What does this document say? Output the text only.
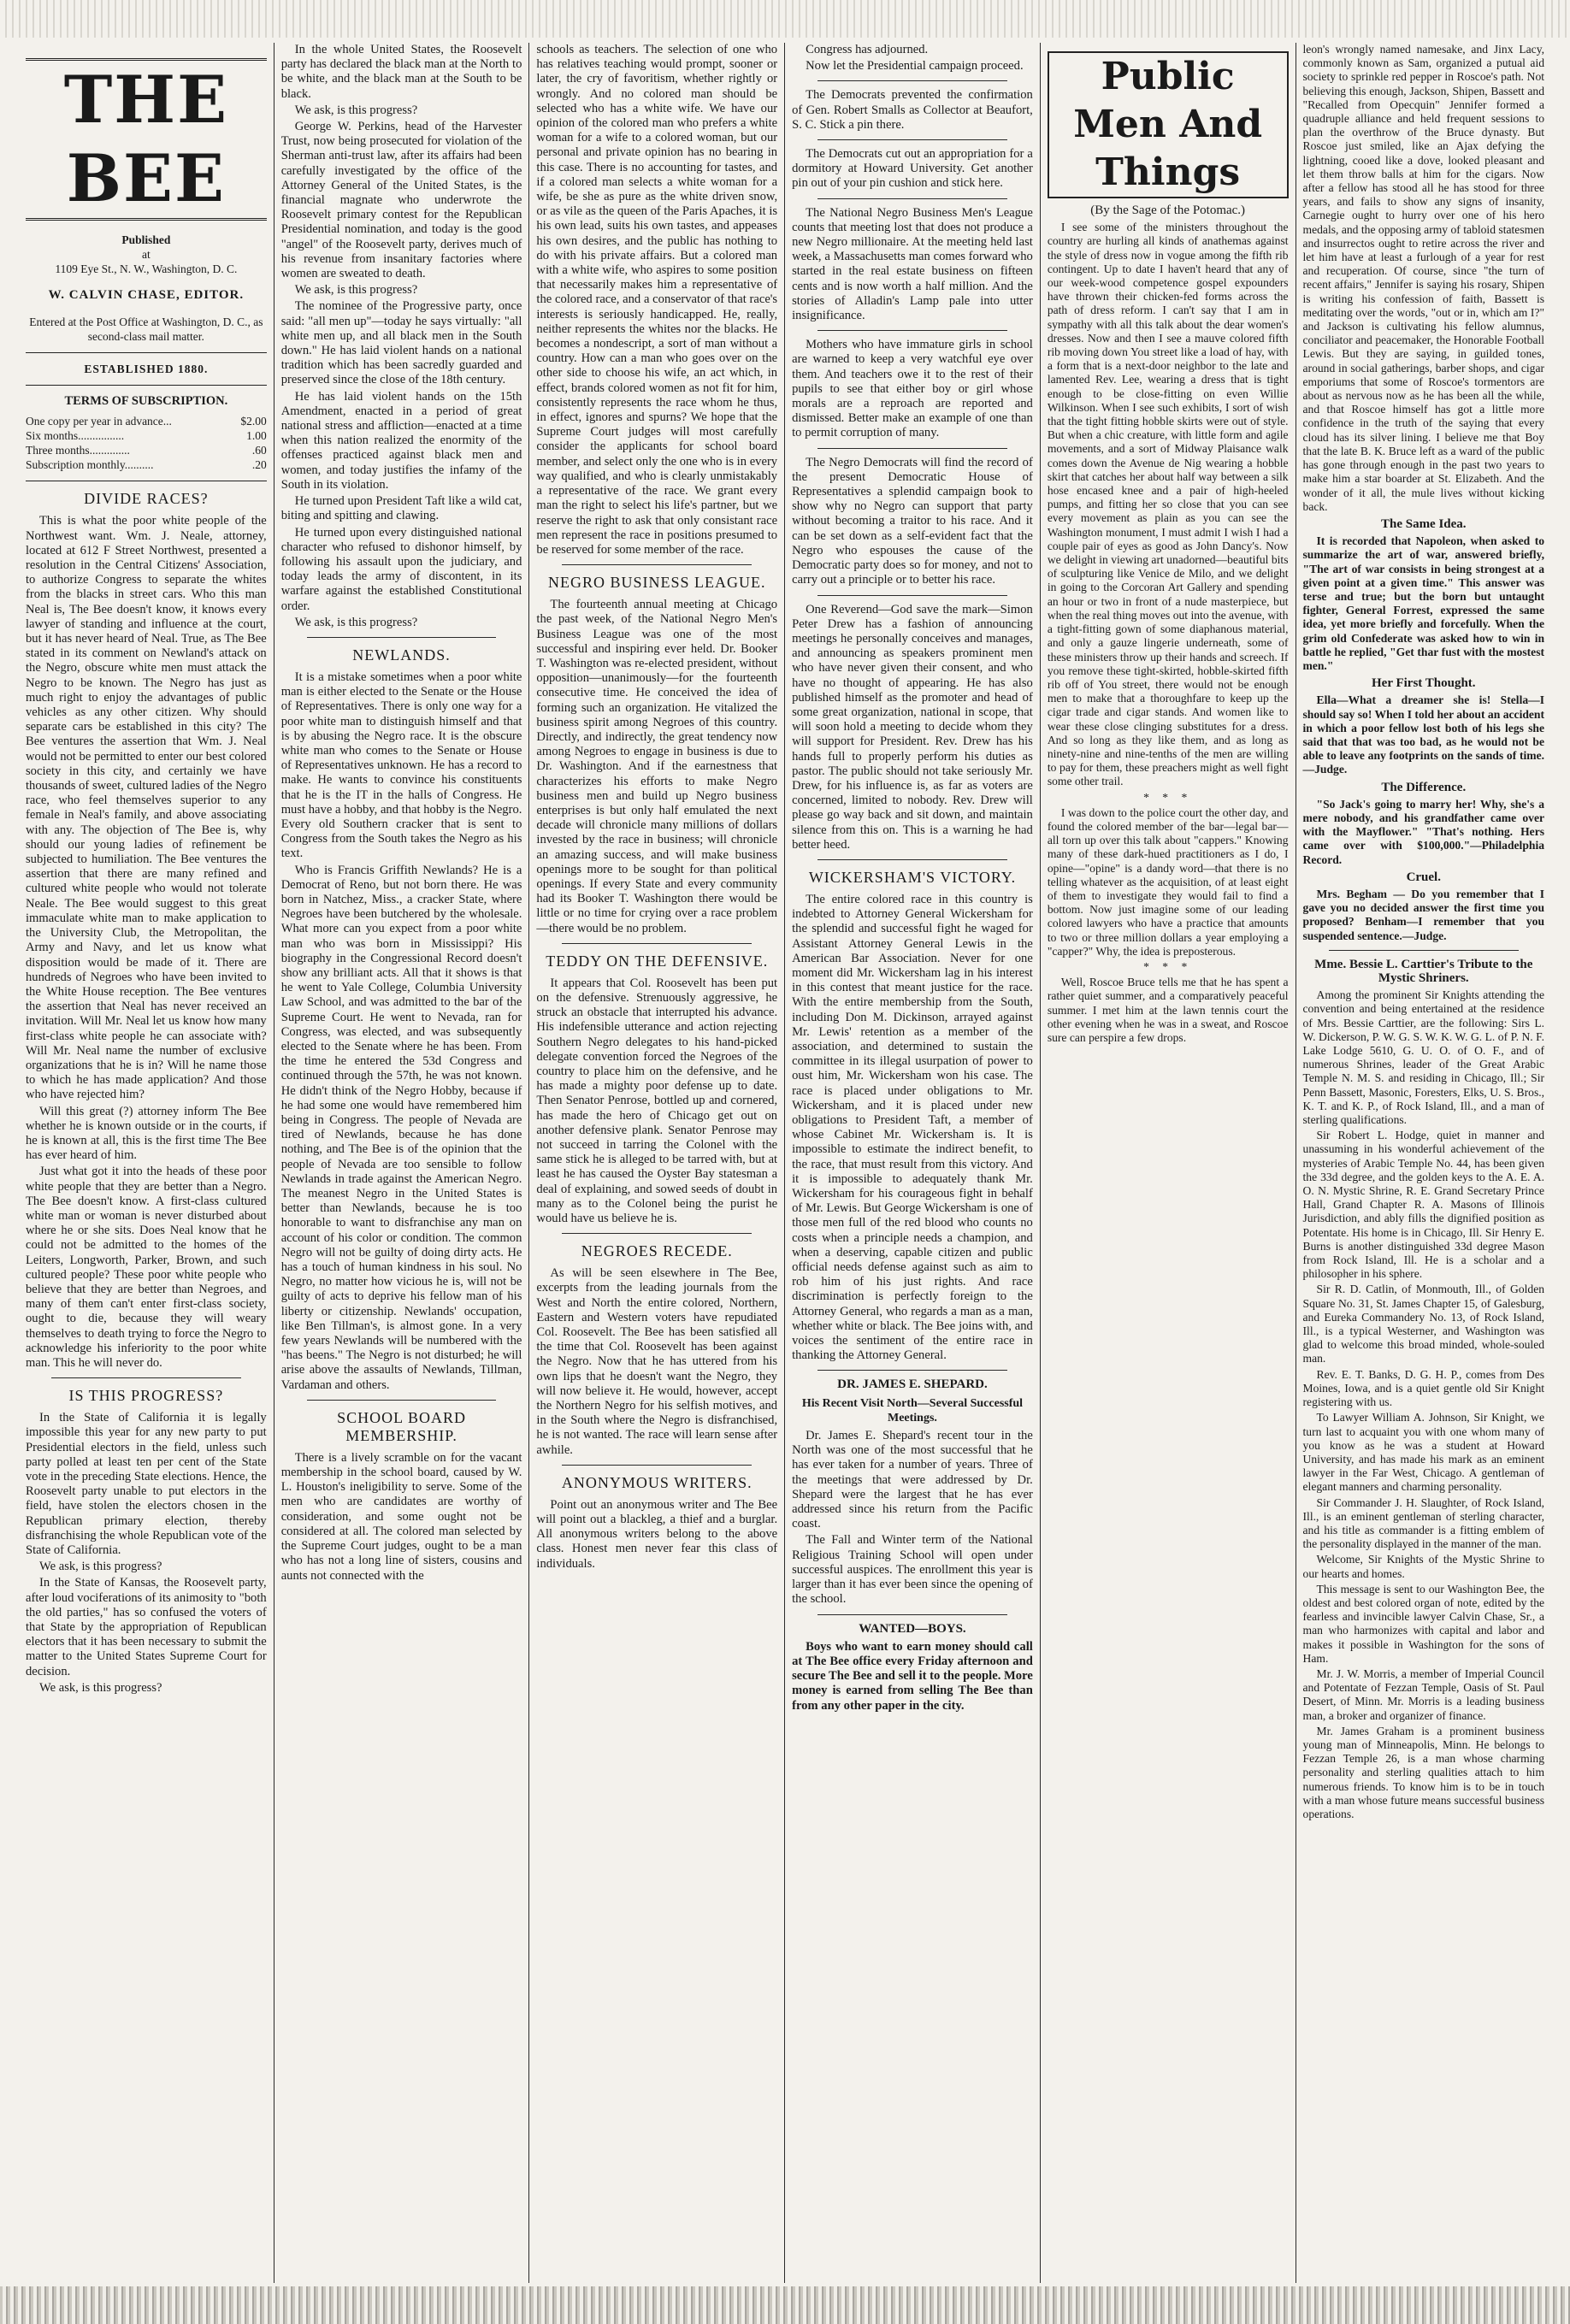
THE BEE
Published
at
1109 Eye St., N. W., Washington, D. C.
W. CALVIN CHASE, EDITOR.
Entered at the Post Office at Washington, D. C., as second-class mail matter.
ESTABLISHED 1880.
TERMS OF SUBSCRIPTION.
One copy per year in advance...	$2.00
Six months................	1.00
Three months..............	.60
Subscription monthly..........	.20
DIVIDE RACES?

This is what the poor white people of the Northwest want. Wm. J. Neale, attorney, located at 612 F Street Northwest, presented a resolution in the Central Citizens' Association, to authorize Congress to separate the whites from the blacks in street cars. Who this man Neal is, The Bee doesn't know, it knows every lawyer of standing and influence at the court, but it has never heard of Neal. True, as The Bee stated in its comment on Newland's attack on the Negro, obscure white men must attack the Negro to be known. The Negro has just as much right to enjoy the advantages of public vehicles as any other citizen. Why should separate cars be established in this city? The Bee ventures the assertion that Wm. J. Neal would not be permitted to enter our best colored society in this city, and certainly we have thousands of sweet, cultured ladies of the Negro race, who feel themselves superior to any female in Neal's family, and above associating with any. The objection of The Bee is, why should our young ladies of refinement be subjected to humiliation. The Bee ventures the assertion that there are many refined and cultured white people who would not tolerate Neale. The Bee would suggest to this great immaculate white man to make application to the University Club, the Metropolitan, the Army and Navy, and let us know what disposition would be made of it. There are hundreds of Negroes who have been invited to the White House reception. The Bee ventures the assertion that Neal has never received an invitation. Will Mr. Neal let us know how many first-class white people he can associate with? Will Mr. Neal name the number of exclusive organizations that he is in? Will he name those to which he has made application? And those who have rejected him?

Will this great (?) attorney inform The Bee whether he is known outside or in the courts, if he is known at all, this is the first time The Bee has ever heard of him.

Just what got it into the heads of these poor white people that they are better than a Negro. The Bee doesn't know. A first-class cultured white man or woman is never disturbed about where he or she sits. Does Neal know that he could not be admitted to the homes of the Leiters, Longworth, Parker, Brown, and such cultured people? These poor white people who believe that they are better than Negroes, and many of them can't enter first-class society, ought to die, because they will weary themselves to death trying to force the Negro to acknowledge his inferiority to the poor white man. This he will never do.

IS THIS PROGRESS?

In the State of California it is legally impossible this year for any new party to put Presidential electors in the field, unless such party polled at least ten per cent of the State vote in the preceding State elections. Hence, the Roosevelt party unable to put electors in the field, have stolen the electors chosen in the Republican primary election, thereby disfranchising the whole Republican vote of the State of California.

We ask, is this progress?

In the State of Kansas, the Roosevelt party, after loud vociferations of its animosity to "both the old parties," has so confused the voters of that State by the appropriation of Republican electors that it has been necessary to submit the matter to the United States Supreme Court for decision.

We ask, is this progress?

In the whole United States, the Roosevelt party has declared the black man at the North to be white, and the black man at the South to be black.

We ask, is this progress?

George W. Perkins, head of the Harvester Trust, now being prosecuted for violation of the Sherman anti-trust law, after its affairs had been carefully investigated by the office of the Attorney General of the United States, is the financial magnate who underwrote the Roosevelt primary contest for the Republican Presidential nomination, and today is the good "angel" of the Roosevelt party, derives much of his revenue from insanitary factories where women are sweated to death.

We ask, is this progress?

The nominee of the Progressive party, once said: "all men up"—today he says virtually: "all white men up, and all black men in the South down." He has laid violent hands on a national tradition which has been sacredly guarded and preserved since the close of the 18th century.

He has laid violent hands on the 15th Amendment, enacted in a period of great national stress and affliction—enacted at a time when this nation realized the enormity of the offenses practiced against black men and women, and today justifies the infamy of the South in its violation.

He turned upon President Taft like a wild cat, biting and spitting and clawing.

He turned upon every distinguished national character who refused to dishonor himself, by following his assault upon the judiciary, and today leads the army of discontent, in its warfare against the established Constitutional order.

We ask, is this progress?

NEWLANDS.

It is a mistake sometimes when a poor white man is either elected to the Senate or the House of Representatives. There is only one way for a poor white man to distinguish himself and that is by abusing the Negro race. It is the obscure white man who comes to the Senate or House of Representatives unknown. He has a record to make. He wants to convince his constituents that he is the IT in the halls of Congress. He must have a hobby, and that hobby is the Negro. Every old Southern cracker that is sent to Congress from the South takes the Negro as his text.

Who is Francis Griffith Newlands? He is a Democrat of Reno, but not born there. He was born in Natchez, Miss., a cracker State, where Negroes have been butchered by the wholesale. What more can you expect from a poor white man who was born in Mississippi? His biography in the Congressional Record doesn't show any brilliant acts. All that it shows is that he went to Yale College, Columbia University Law School, and was admitted to the bar of the Supreme Court. He went to Nevada, ran for Congress, was elected, and was subsequently elected to the Senate where he has been. From the time he entered the 53d Congress and continued through the 57th, he was not known. He didn't think of the Negro Hobby, because if he had some one would have remembered him being in Congress. The people of Nevada are tired of Newlands, because he has done nothing, and The Bee is of the opinion that the people of Nevada are too sensible to follow Newlands in trade against the American Negro. The meanest Negro in the United States is better than Newlands, because he is too honorable to want to disfranchise any man on account of his color or condition. The common Negro will not be guilty of doing dirty acts. He has a touch of human kindness in his soul. No Negro, no matter how vicious he is, will not be guilty of acts to deprive his fellow man of his liberty or citizenship. Newlands' occupation, like Ben Tillman's, is almost gone. In a very few years Newlands will be numbered with the "has beens." The Negro is not disturbed; he will arise above the assaults of Newlands, Tillman, Vardaman and others.

SCHOOL BOARD MEMBERSHIP.

There is a lively scramble on for the vacant membership in the school board, caused by W. L. Houston's ineligibility to serve. Some of the men who are candidates are worthy of consideration, and some ought not be considered at all. The colored man selected by the Supreme Court judges, ought to be a man who has not a long line of sisters, cousins and aunts not connected with the

schools as teachers. The selection of one who has relatives teaching would prompt, sooner or later, the cry of favoritism, whether rightly or wrongly. And no colored man should be selected who has a white wife. We have our opinion of the colored man who prefers a white woman for a wife to a colored woman, but our personal and private opinion has no bearing in this case. There is no accounting for tastes, and if a colored man selects a white woman for a wife, be she as pure as the white driven snow, or as vile as the queen of the Paris Apaches, it is his own lead, suits his own tastes, and appeases his own desires, and the public has nothing to do with his private affairs. But a colored man with a white wife, who aspires to some position that necessarily makes him a representative of the colored race, and a conservator of that race's interests is seriously handicapped. He, really, neither represents the whites nor the blacks. He becomes a nondescript, a sort of man without a country. How can a man who goes over on the other side to choose his wife, an act which, in effect, brands colored women as not fit for him, consistently represents the race whom he thus, in effect, ignores and spurns? We hope that the Supreme Court judges will most carefully consider the applicants for school board member, and select only the one who is in every way qualified, and who is clearly unmistakably a representative of the race. We grant every man the right to select his life's partner, but we reserve the right to ask that only consistant race men represent the race in positions presumed to be reserved for some member of the race.

NEGRO BUSINESS LEAGUE.

The fourteenth annual meeting at Chicago the past week, of the National Negro Men's Business League was one of the most successful and inspiring ever held. Dr. Booker T. Washington was re-elected president, without opposition—unanimously—for the fourteenth consecutive time. He conceived the idea of forming such an organization. He vitalized the business spirit among Negroes of this country. Directly, and indirectly, the great tendency now among Negroes to engage in business is due to Dr. Washington. And if the earnestness that characterizes his efforts to make Negro business men and build up Negro business enterprises is but only half emulated the next decade will chronicle many millions of dollars invested by the race in business; will chronicle an amazing success, and will make business openings more to be sought for than political openings. If every State and every community had its Booker T. Washington there would be little or no time for crying over a race problem—there would be no problem.

TEDDY ON THE DEFENSIVE.

It appears that Col. Roosevelt has been put on the defensive. Strenuously aggressive, he struck an obstacle that interrupted his advance. His indefensible utterance and action rejecting Southern Negro delegates to his hand-picked delegate convention forced the Negroes of the country to place him on the defensive, and he has made a mighty poor defense up to date. Then Senator Penrose, bottled up and cornered, has made the hero of Chicago get out on another defensive plank. Senator Penrose may not succeed in tarring the Colonel with the same stick he is alleged to be tarred with, but at least he has caused the Oyster Bay statesman a deal of explaining, and sowed seeds of doubt in many as to the Colonel being the purist he would have us believe he is.

NEGROES RECEDE.

As will be seen elsewhere in The Bee, excerpts from the leading journals from the West and North the entire colored, Northern, Eastern and Western voters have repudiated Col. Roosevelt. The Bee has been satisfied all the time that Col. Roosevelt has been against the Negro. Now that he has uttered from his own lips that he doesn't want the Negro, they will now believe it. He would, however, accept the Northern Negro for his selfish motives, and in the South where the Negro is disfranchised, he is not wanted. The race will learn sense after awhile.

ANONYMOUS WRITERS.

Point out an anonymous writer and The Bee will point out a blackleg, a thief and a burglar. All anonymous writers belong to the above class. Honest men never fear this class of individuals.

Congress has adjourned.

Now let the Presidential campaign proceed.

The Democrats prevented the confirmation of Gen. Robert Smalls as Collector at Beaufort, S. C. Stick a pin there.

The Democrats cut out an appropriation for a dormitory at Howard University. Get another pin out of your pin cushion and stick here.

The National Negro Business Men's League counts that meeting lost that does not produce a new Negro millionaire. At the meeting held last week, a Massachusetts man comes forward who started in the real estate business on fifteen cents and is now worth a half million. And the stories of Alladin's Lamp pale into utter insignificance.

Mothers who have immature girls in school are warned to keep a very watchful eye over them. And teachers owe it to the rest of their pupils to see that either boy or girl whose morals are a reproach are reported and dismissed. Better make an example of one than to permit corruption of many.

The Negro Democrats will find the record of the present Democratic House of Representatives a splendid campaign book to show why no Negro can support that party without becoming a traitor to his race. And it can be set down as a self-evident fact that the Negro who espouses the cause of the Democratic party does so for money, and not to carry out a principle or to better his race.

One Reverend—God save the mark—Simon Peter Drew has a fashion of announcing meetings he personally conceives and manages, and announcing as speakers prominent men who have never given their consent, and who have no thought of appearing. He has also published himself as the promoter and head of some great organization, national in scope, that will soon hold a meeting to decide whom they will support for President. Rev. Drew has his hands full to properly perform his duties as pastor. The public should not take seriously Mr. Drew, for his influence is, as far as voters are concerned, limited to nobody. Rev. Drew will please go way back and sit down, and maintain silence from this on. This is a warning he had better heed.

WICKERSHAM'S VICTORY.

The entire colored race in this country is indebted to Attorney General Wickersham for the splendid and successful fight he waged for Assistant Attorney General Lewis in the American Bar Association. Never for one moment did Mr. Wickersham lag in his interest in this contest that meant justice for the race. With the entire membership from the South, including Don M. Dickinson, arrayed against Mr. Lewis' retention as a member of the association, and determined to sustain the committee in its illegal usurpation of power to oust him, Mr. Wickersham won his case. The race is placed under obligations to Mr. Wickersham, and it is placed under new obligations to President Taft, a member of whose Cabinet Mr. Wickersham is. It is impossible to estimate the indirect benefit, to the race, that must result from this victory. And it is impossible to adequately thank Mr. Wickersham for his courageous fight in behalf of Mr. Lewis. But George Wickersham is one of those men full of the red blood who counts no costs when a principle needs a champion, and when a deserving, capable citizen and public official needs defense against such as aim to rob him of his just rights. And race discrimination is perfectly foreign to the Attorney General, who regards a man as a man, whether white or black. The Bee joins with, and voices the sentiment of the entire race in thanking the Attorney General.

DR. JAMES E. SHEPARD.
His Recent Visit North—Several Successful Meetings.

Dr. James E. Shepard's recent tour in the North was one of the most successful that he has ever taken for a number of years. Three of the meetings that were addressed by Dr. Shepard were the largest that he has ever addressed since his return from the Pacific coast.

The Fall and Winter term of the National Religious Training School will open under successful auspices. The enrollment this year is larger than it has ever been since the opening of the school.

WANTED—BOYS.

Boys who want to earn money should call at The Bee office every Friday afternoon and secure The Bee and sell it to the people. More money is earned from selling The Bee than from any other paper in the city.

Public Men And Things
(By the Sage of the Potomac.)

I see some of the ministers throughout the country are hurling all kinds of anathemas against the style of dress now in vogue among the fifth rib contingent. Up to date I haven't heard that any of our week-wood competence gospel expounders have thrown their chicken-fed forms across the path of dress reform. I can't say that I am in sympathy with all this talk about the dear women's dresses. Now and then I see a mauve colored fifth rib moving down You street like a load of hay, with a form that is a next-door neighbor to the late and lamented Rev. Lee, wearing a dress that is tight enough to be close-fitting on even Willie Wilkinson. When I see such exhibits, I sort of wish that the tight fitting hobble skirts were out of style. But when a chic creature, with little form and agile movements, and a sort of Midway Plaisance walk comes down the Avenue de Nig wearing a hobble skirt that catches her about half way between a silk hose encased knee and a pair of high-heeled pumps, and fitting her so close that you can see every movement as plain as you can see the Washington monument, I must admit I wish I had a couple pair of eyes as good as John Dancy's. Now we delight in viewing art unadorned—beautiful bits of sculpturing like Venice de Milo, and we delight in going to the Corcoran Art Gallery and spending an hour or two in front of a nude masterpiece, but when the real thing moves out into the avenue, with a tight-fitting gown of some diaphanous material, and only a gauze lingerie underneath, some of these ministers throw up their hands and screech. If you remove these tight-skirted, hobble-skirted fifth rib off of You street, there would not be enough men to make that a thoroughfare to keep up the cigar trade and cigar stands. And women like to wear these close clinging substitutes for a dress. And so long as they like them, and as long as ninety-nine and nine-tenths of the men are willing to pay for them, these preachers might as well fight some other trail.

* * *

I was down to the police court the other day, and found the colored member of the bar—legal bar—all torn up over this talk about "cappers." Knowing many of these dark-hued practitioners as I do, I opine—"opine" is a dandy word—that there is no telling whatever as the acquisition, of at least eight of them to investigate they would fail to find a bottom. Now just imagine some of our leading colored lawyers who have a practice that amounts to two or three million dollars a year employing a "capper?" Why, the idea is preposterous.

* * *

Well, Roscoe Bruce tells me that he has spent a rather quiet summer, and a comparatively peaceful summer. I met him at the lawn tennis court the other evening when he was in a sweat, and Roscoe sure can perspire a few drops.

leon's wrongly named namesake, and Jinx Lacy, commonly known as Sam, organized a putual aid society to sprinkle red pepper in Roscoe's path. Not believing this enough, Jackson, Shipen, Bassett and "Recalled from Opecquin" Jennifer formed a quadruple alliance and held frequent sessions to plan the overthrow of the Bruce dynasty. But Roscoe just smiled, like an Ajax defying the lightning, cooed like a dove, looked pleasant and let them throw balls at him for the cigars. Now after a fellow has stood all he has stood for three years, and fails to show any signs of insanity, Carnegie ought to hurry over one of his hero medals, and the opposing army of tabloid statesmen and insurrectos ought to retire across the river and let him have at least a furlough of a year for rest and recuperation. Of course, since "the turn of recent affairs," Jennifer is saying his rosary, Shipen is writing his confession of faith, Bassett is meditating over the words, "out or in, which am I?" and Jackson is cultivating his fellow alumnus, conciliator and peacemaker, the Honorable Football Lewis. But they are saying, in guilded tones, around in social gatherings, barber shops, and cigar emporiums that some of Roscoe's tormentors are about as nervous now as he has been all the while, and that Roscoe himself has got a little more confidence in the truth of the saying that every cloud has its silver lining. I believe me that Boy that the late B. K. Bruce left as a ward of the public has gone through enough in the past two years to make him a star boarder at St. Elizabeth. And the wonder of it all, the mule lives without kicking back.

The Same Idea.

It is recorded that Napoleon, when asked to summarize the art of war, answered briefly, "The art of war consists in being strongest at a given point at a given time." This answer was terse and true; but the born but untaught fighter, General Forrest, expressed the same idea, yet more briefly and forcefully. When the grim old Confederate was asked how to win in battle he replied, "Get thar fust with the mostest men."

Her First Thought.

Ella—What a dreamer she is! Stella—I should say so! When I told her about an accident in which a poor fellow lost both of his legs she said that that was too bad, as he would not be able to leave any footprints on the sands of time.—Judge.

The Difference.

"So Jack's going to marry her! Why, she's a mere nobody, and his grandfather came over with the Mayflower." "That's nothing. Hers came over with $100,000."—Philadelphia Record.

Cruel.

Mrs. Begham — Do you remember that I gave you no decided answer the first time you proposed? Benham—I remember that you suspended sentence.—Judge.

Mme. Bessie L. Carttier's Tribute to the Mystic Shriners.

Among the prominent Sir Knights attending the convention and being entertained at the residence of Mrs. Bessie Carttier, are the following: Sirs L. W. Dickerson, P. W. G. S. W. K. W. G. L. of P. N. F. Lake Lodge 5610, G. U. O. of O. F., and of numerous Shrines, leader of the Great Arabic Temple N. M. S. and residing in Chicago, Ill.; Sir Penn Bassett, Masonic, Foresters, Elks, U. S. Bros., K. T. and K. P., of Rock Island, Ill., and a man of sterling qualifications.

Sir Robert L. Hodge, quiet in manner and unassuming in his wonderful achievement of the mysteries of Arabic Temple No. 44, has been given the 33d degree, and the golden keys to the A. E. A. O. N. Mystic Shrine, R. E. Grand Secretary Prince Hall, Grand Chapter R. A. Masons of Illinois Jurisdiction, and ably fills the dignified position as Potentate. His home is in Chicago, Ill. Sir Henry E. Burns is another distinguished 33d degree Mason from Rock Island, Ill. He is a scholar and a philosopher in his sphere.

Sir R. D. Catlin, of Monmouth, Ill., of Golden Square No. 31, St. James Chapter 15, of Galesburg, and Eureka Commandery No. 13, of Rock Island, Ill., is a typical Westerner, and Washington was glad to welcome this broad minded, whole-souled man.

Rev. E. T. Banks, D. G. H. P., comes from Des Moines, Iowa, and is a quiet gentle old Sir Knight registering with us.

To Lawyer William A. Johnson, Sir Knight, we turn last to acquaint you with one whom many of you know as he was a student at Howard University, and has made his mark as an eminent lawyer in the Far West, Chicago. A gentleman of elegant manners and charming personality.

Sir Commander J. H. Slaughter, of Rock Island, Ill., is an eminent gentleman of sterling character, and his title as commander is a fitting emblem of the personality displayed in the manner of the man.

Welcome, Sir Knights of the Mystic Shrine to our hearts and homes.

This message is sent to our Washington Bee, the oldest and best colored organ of note, edited by the fearless and invincible lawyer Calvin Chase, Sr., a man who harmonizes with capital and labor and makes it possible in Washington for the sons of Ham.

Mr. J. W. Morris, a member of Imperial Council and Potentate of Fezzan Temple, Oasis of St. Paul Desert, of Minn. Mr. Morris is a leading business man, a broker and organizer of finance.

Mr. James Graham is a prominent business young man of Minneapolis, Minn. He belongs to Fezzan Temple 26, is a man whose charming personality and sterling qualities attach to him numerous friends. To know him is to be in touch with a man whose future means successful business operations.
